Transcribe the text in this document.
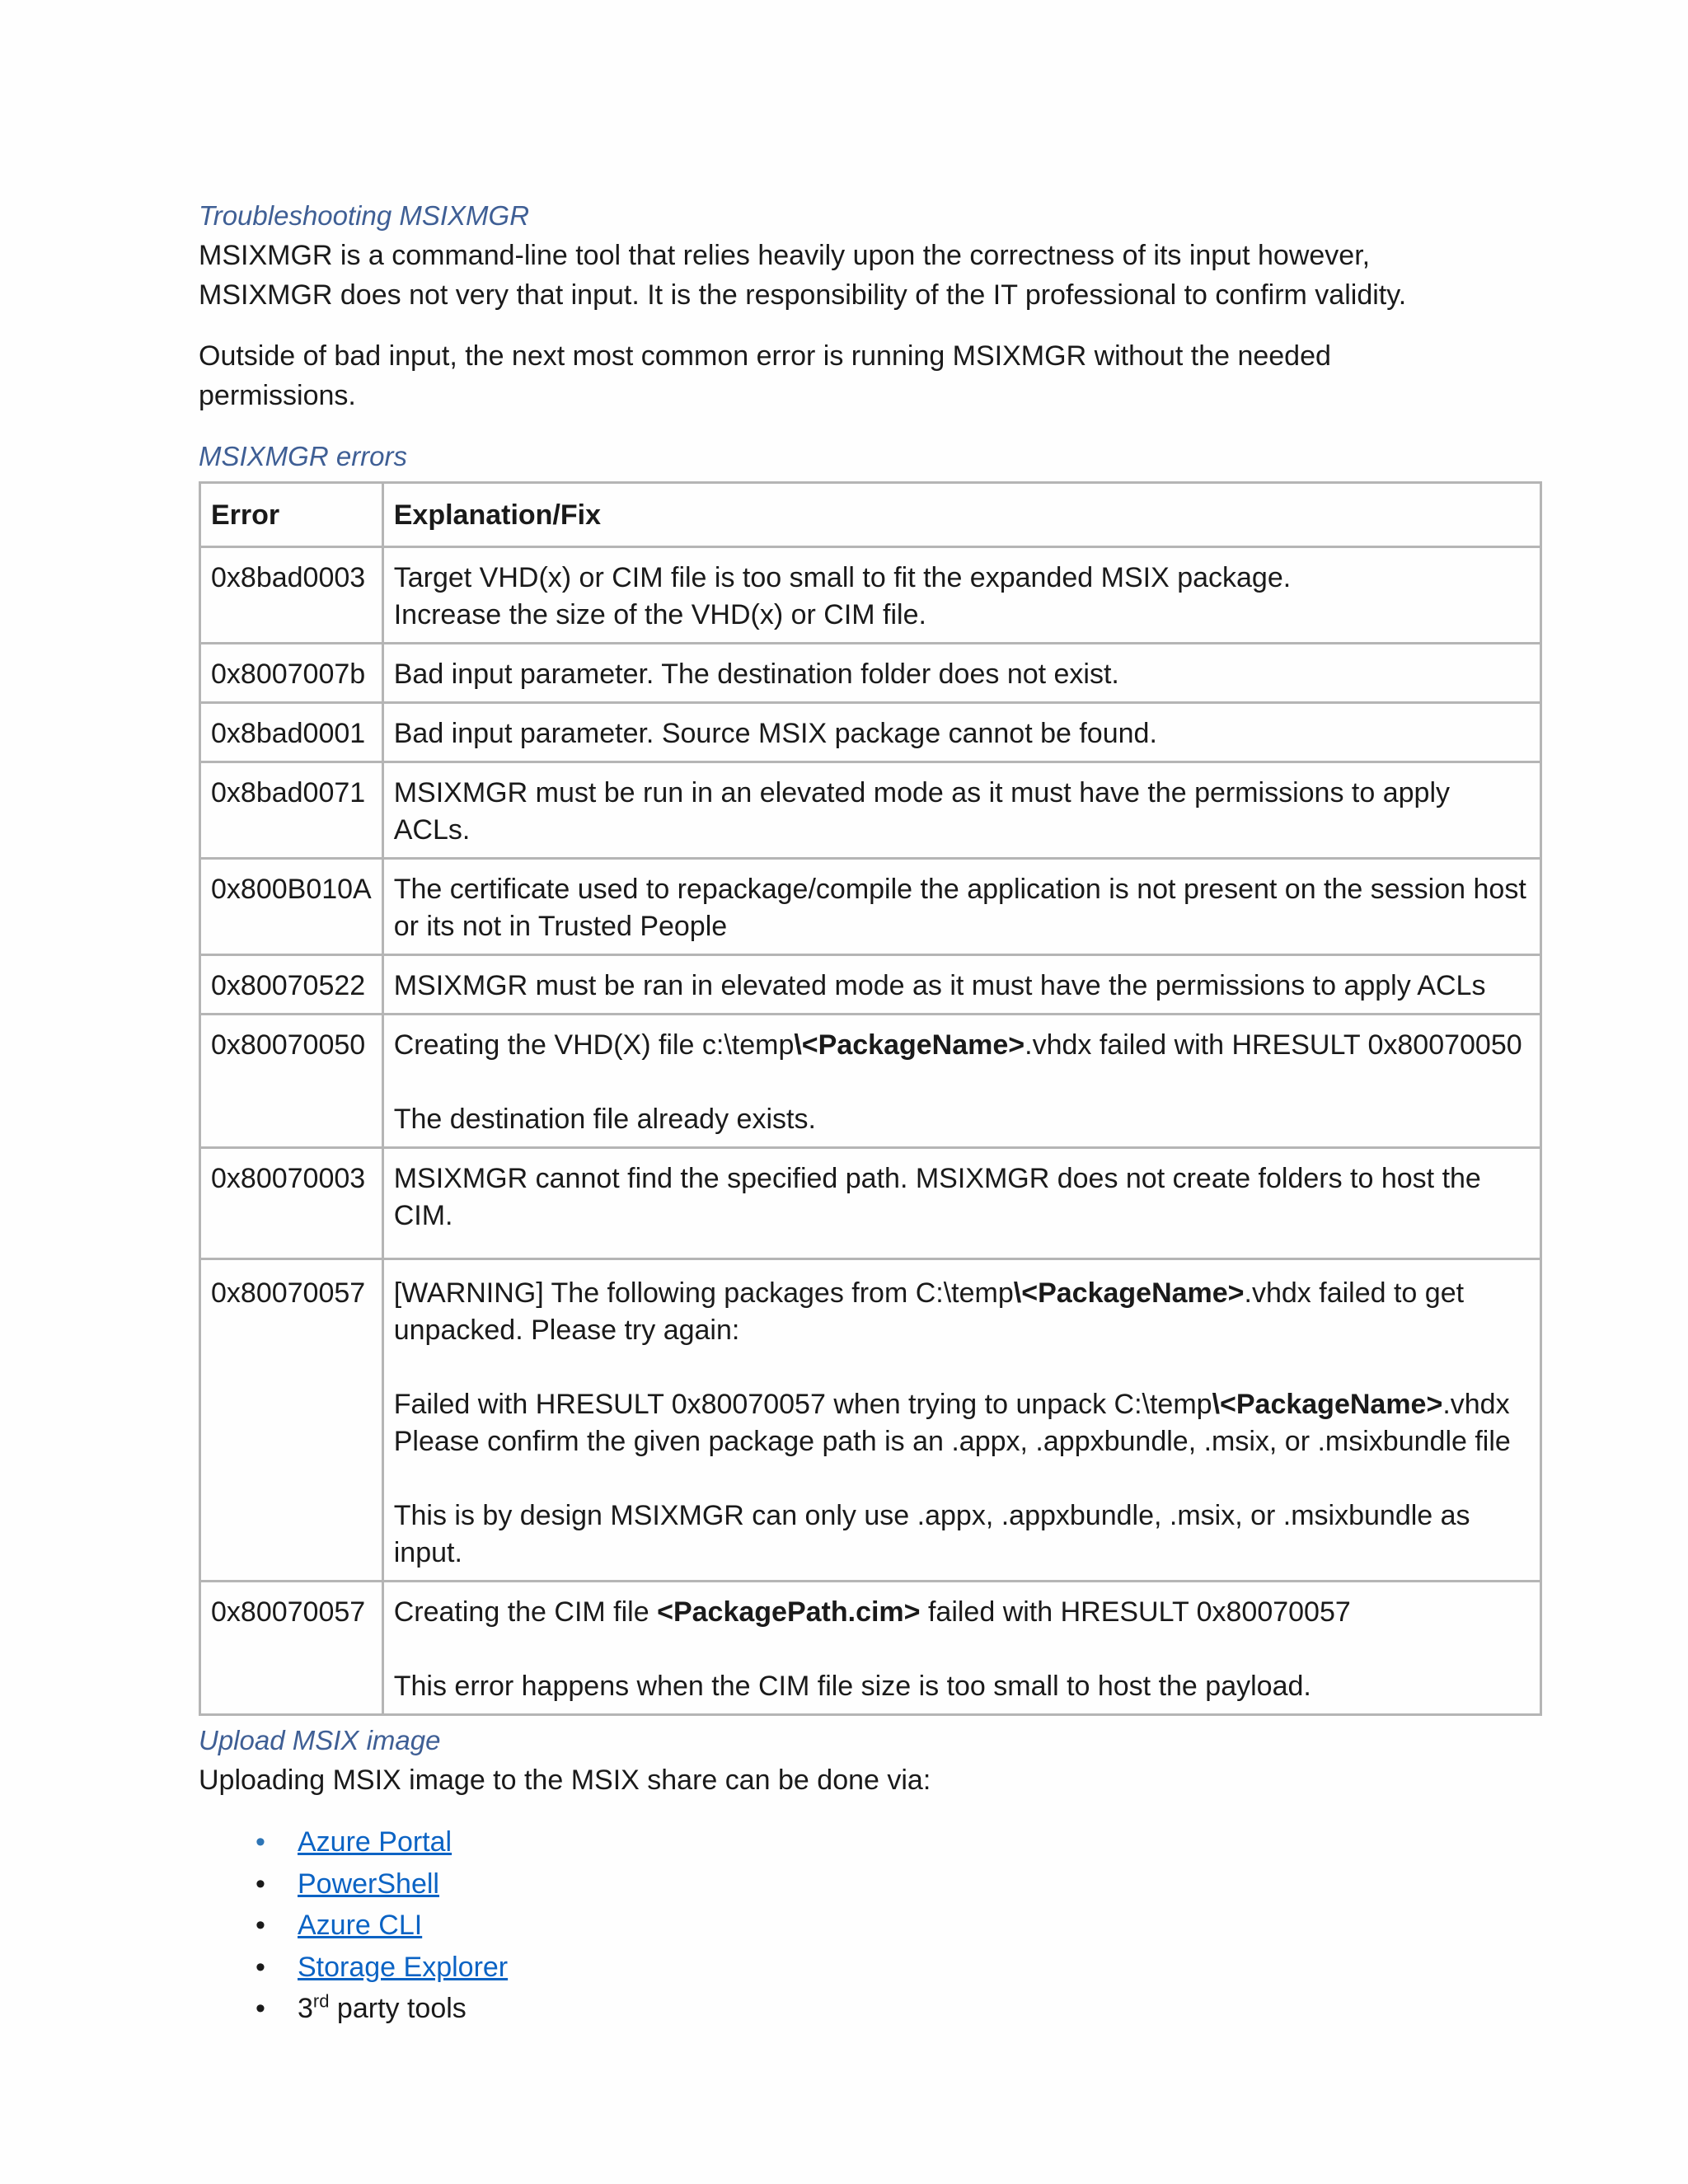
Troubleshooting MSIXMGR

MSIXMGR is a command-line tool that relies heavily upon the correctness of its input however,
MSIXMGR does not very that input. It is the responsibility of the IT professional to confirm validity.

Outside of bad input, the next most common error is running MSIXMGR without the needed
permissions.

MSIXMGR errors

Error	Explanation/Fix
0x8bad0003	Target VHD(x) or CIM file is too small to fit the expanded MSIX package.
Increase the size of the VHD(x) or CIM file.
0x8007007b	Bad input parameter. The destination folder does not exist.
0x8bad0001	Bad input parameter. Source MSIX package cannot be found.
0x8bad0071	MSIXMGR must be run in an elevated mode as it must have the permissions to apply ACLs.
0x800B010A	The certificate used to repackage/compile the application is not present on the session host
or its not in Trusted People
0x80070522	MSIXMGR must be ran in elevated mode as it must have the permissions to apply ACLs
0x80070050	Creating the VHD(X) file c:\temp\<PackageName>.vhdx failed with HRESULT 0x80070050
The destination file already exists.
0x80070003	MSIXMGR cannot find the specified path. MSIXMGR does not create folders to host the CIM.
0x80070057	[WARNING] The following packages from C:\temp\<PackageName>.vhdx failed to get
unpacked. Please try again:
Failed with HRESULT 0x80070057 when trying to unpack C:\temp\<PackageName>.vhdx
Please confirm the given package path is an .appx, .appxbundle, .msix, or .msixbundle file
This is by design MSIXMGR can only use .appx, .appxbundle, .msix, or .msixbundle as input.
0x80070057	Creating the CIM file <PackagePath.cim> failed with HRESULT 0x80070057
This error happens when the CIM file size is too small to host the payload.

Upload MSIX image

Uploading MSIX image to the MSIX share can be done via:

• Azure Portal
• PowerShell
• Azure CLI
• Storage Explorer
• 3rd party tools
